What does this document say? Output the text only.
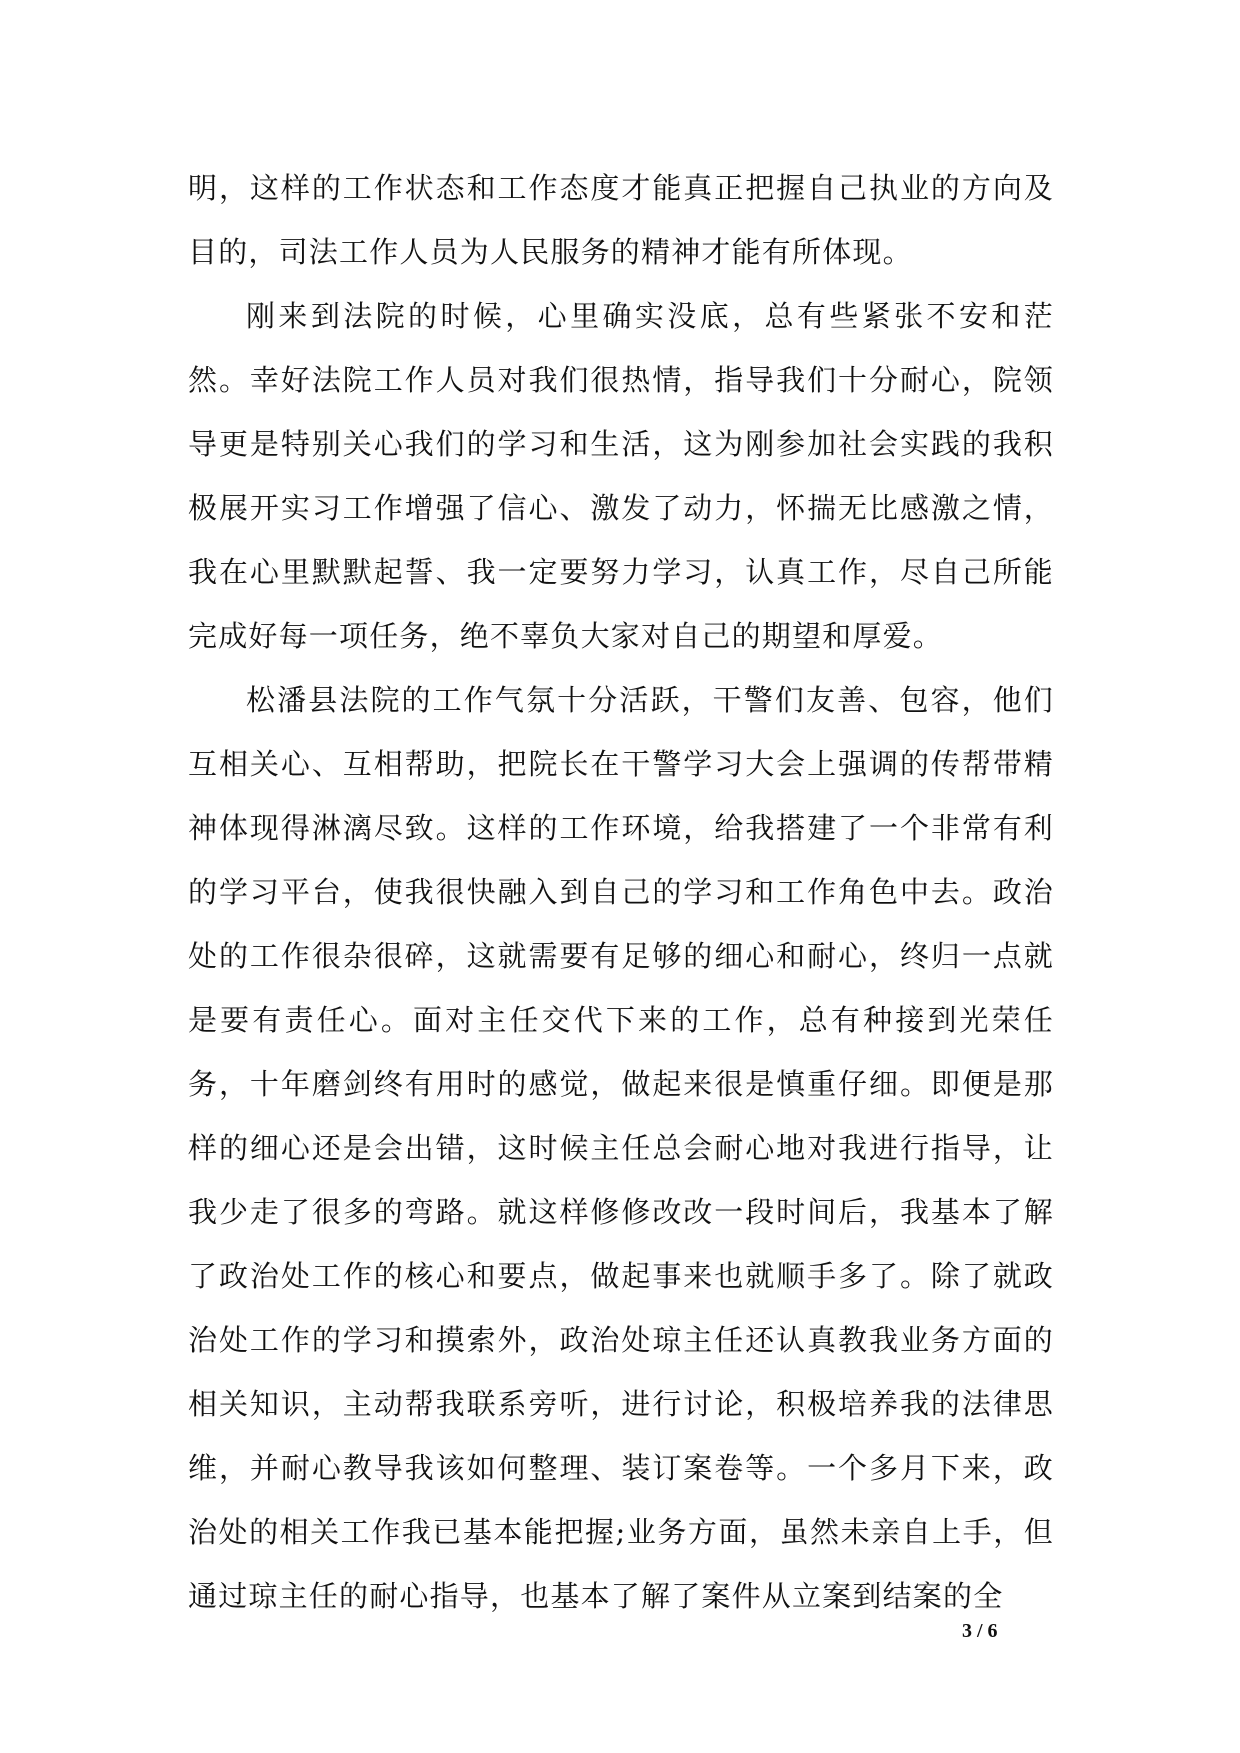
明，这样的工作状态和工作态度才能真正把握自己执业的方向及目的，司法工作人员为人民服务的精神才能有所体现。

刚来到法院的时候，心里确实没底，总有些紧张不安和茫然。幸好法院工作人员对我们很热情，指导我们十分耐心，院领导更是特别关心我们的学习和生活，这为刚参加社会实践的我积极展开实习工作增强了信心、激发了动力，怀揣无比感激之情，我在心里默默起誓、我一定要努力学习，认真工作，尽自己所能完成好每一项任务，绝不辜负大家对自己的期望和厚爱。

松潘县法院的工作气氛十分活跃，干警们友善、包容，他们互相关心、互相帮助，把院长在干警学习大会上强调的传帮带精神体现得淋漓尽致。这样的工作环境，给我搭建了一个非常有利的学习平台，使我很快融入到自己的学习和工作角色中去。政治处的工作很杂很碎，这就需要有足够的细心和耐心，终归一点就是要有责任心。面对主任交代下来的工作，总有种接到光荣任务，十年磨剑终有用时的感觉，做起来很是慎重仔细。即便是那样的细心还是会出错，这时候主任总会耐心地对我进行指导，让我少走了很多的弯路。就这样修修改改一段时间后，我基本了解了政治处工作的核心和要点，做起事来也就顺手多了。除了就政治处工作的学习和摸索外，政治处琼主任还认真教我业务方面的相关知识，主动帮我联系旁听，进行讨论，积极培养我的法律思维，并耐心教导我该如何整理、装订案卷等。一个多月下来，政治处的相关工作我已基本能把握;业务方面，虽然未亲自上手，但通过琼主任的耐心指导，也基本了解了案件从立案到结案的全

3 / 6
